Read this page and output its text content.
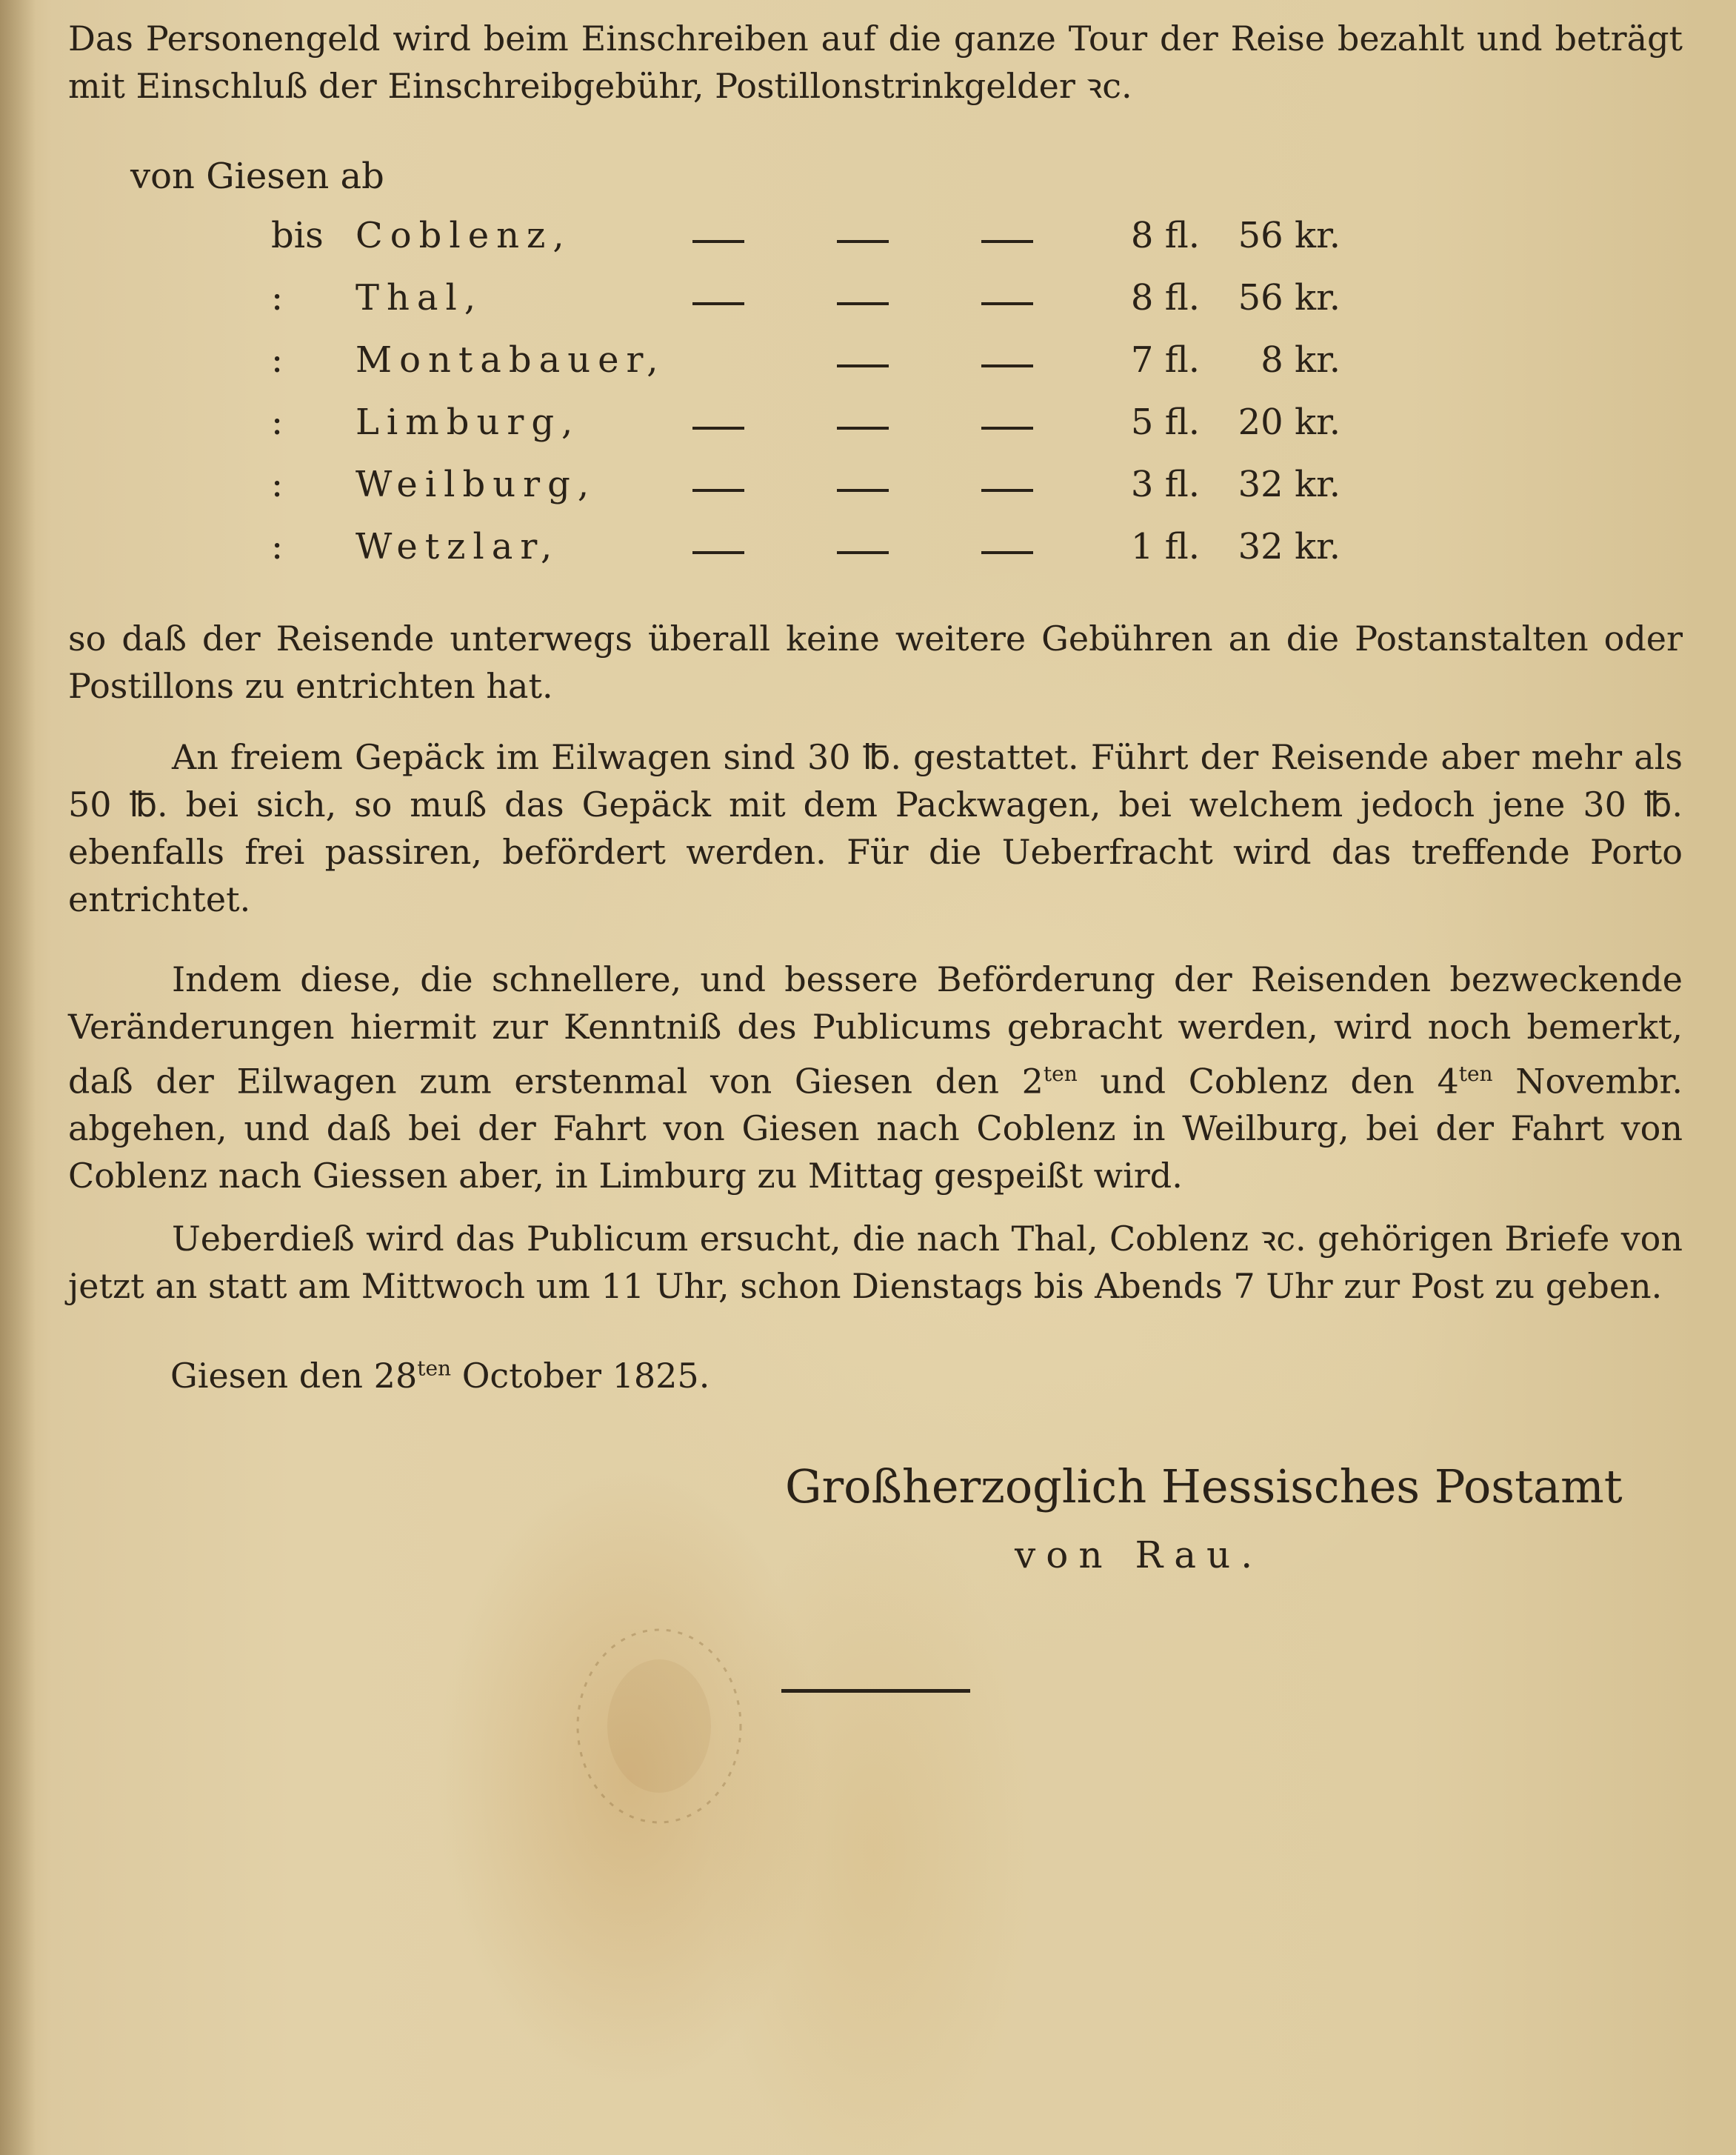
Das Personengeld wird beim Einschreiben auf die ganze Tour der Reise bezahlt und beträgt mit Einschluß der Einschreibgebühr, Postillonstrinkgelder ꝛc.

von Giesen ab
bis Coblenz,	8 fl.	56 kr.
: Thal,	8 fl.	56 kr.
: Montabauer,	7 fl.	8 kr.
: Limburg,	5 fl.	20 kr.
: Weilburg,	3 fl.	32 kr.
: Wetzlar,	1 fl.	32 kr.

so daß der Reisende unterwegs überall keine weitere Gebühren an die Postanstalten oder Postillons zu entrichten hat.

An freiem Gepäck im Eilwagen sind 30 ℔. gestattet. Führt der Reisende aber mehr als 50 ℔. bei sich, so muß das Gepäck mit dem Packwagen, bei welchem jedoch jene 30 ℔. ebenfalls frei passiren, befördert werden. Für die Ueberfracht wird das treffende Porto entrichtet.

Indem diese, die schnellere, und bessere Beförderung der Reisenden bezweckende Veränderungen hiermit zur Kenntniß des Publicums gebracht werden, wird noch bemerkt, daß der Eilwagen zum erstenmal von Giesen den $2^{ten}$ und Coblenz den $4^{ten}$ Novembr. abgehen, und daß bei der Fahrt von Giesen nach Coblenz in Weilburg, bei der Fahrt von Coblenz nach Giessen aber, in Limburg zu Mittag gespeißt wird.

Ueberdieß wird das Publicum ersucht, die nach Thal, Coblenz ꝛc. gehörigen Briefe von jetzt an statt am Mittwoch um 11 Uhr, schon Dienstags bis Abends 7 Uhr zur Post zu geben.

Giesen den $28^{ten}$ October 1825.
Großherzoglich Hessisches Postamt
von Rau.
